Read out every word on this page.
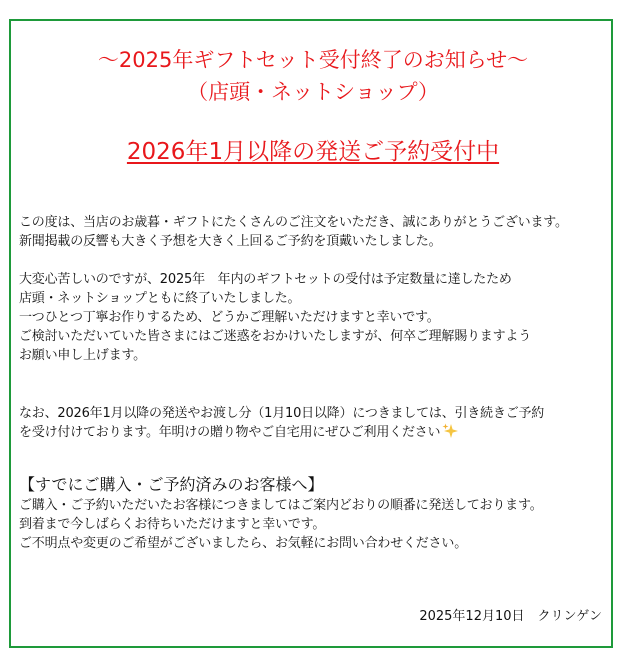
～2025年ギフトセット受付終了のお知らせ～
（店頭・ネットショップ）
2026年1月以降の発送ご予約受付中
この度は、当店のお歳暮・ギフトにたくさんのご注文をいただき、誠にありがとうございます。
新聞掲載の反響も大きく予想を大きく上回るご予約を頂戴いたしました。
大変心苦しいのですが、2025年　年内のギフトセットの受付は予定数量に達したため
店頭・ネットショップともに終了いたしました。
一つひとつ丁寧お作りするため、どうかご理解いただけますと幸いです。
ご検討いただいていた皆さまにはご迷惑をおかけいたしますが、何卒ご理解賜りますよう
お願い申し上げます。
なお、2026年1月以降の発送やお渡し分（1月10日以降）につきましては、引き続きご予約
を受け付けております。年明けの贈り物やご自宅用にぜひご利用ください
【すでにご購入・ご予約済みのお客様へ】
ご購入・ご予約いただいたお客様につきましてはご案内どおりの順番に発送しております。
到着まで今しばらくお待ちいただけますと幸いです。
ご不明点や変更のご希望がございましたら、お気軽にお問い合わせください。
2025年12月10日　クリンゲン
